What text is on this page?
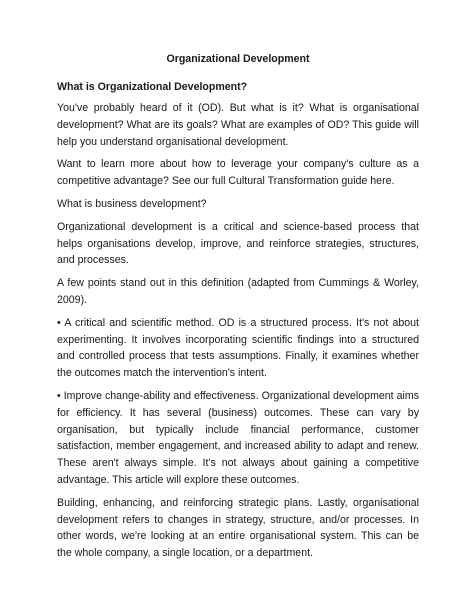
Organizational Development
What is Organizational Development?

You've probably heard of it (OD). But what is it? What is organisational development? What are its goals? What are examples of OD? This guide will help you understand organisational development.

Want to learn more about how to leverage your company's culture as a competitive advantage? See our full Cultural Transformation guide here.

What is business development?

Organizational development is a critical and science-based process that helps organisations develop, improve, and reinforce strategies, structures, and processes.

A few points stand out in this definition (adapted from Cummings & Worley, 2009).

• A critical and scientific method. OD is a structured process. It's not about experimenting. It involves incorporating scientific findings into a structured and controlled process that tests assumptions. Finally, it examines whether the outcomes match the intervention's intent.

• Improve change-ability and effectiveness. Organizational development aims for efficiency. It has several (business) outcomes. These can vary by organisation, but typically include financial performance, customer satisfaction, member engagement, and increased ability to adapt and renew. These aren't always simple. It's not always about gaining a competitive advantage. This article will explore these outcomes.

Building, enhancing, and reinforcing strategic plans. Lastly, organisational development refers to changes in strategy, structure, and/or processes. In other words, we're looking at an entire organisational system. This can be the whole company, a single location, or a department.
